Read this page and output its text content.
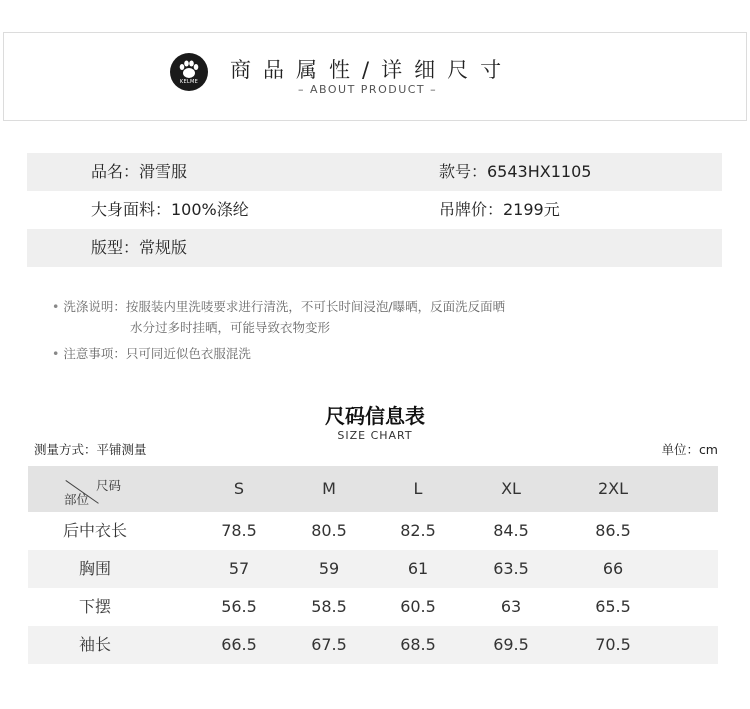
KELME	商品属性/详细尺寸
– ABOUT PRODUCT –
品名：滑雪服	款号：6543HX1105
大身面料：100%涤纶	吊牌价：2199元
版型：常规版
• 洗涤说明：按服装内里洗唛要求进行清洗，不可长时间浸泡/曝晒，反面洗反面晒
水分过多时挂晒，可能导致衣物变形
• 注意事项：只可同近似色衣服混洗
尺码信息表
SIZE CHART
测量方式：平铺测量	单位：cm
尺码
部位
S	M	L	XL	2XL
后中衣长	78.5	80.5	82.5	84.5	86.5
胸围	57	59	61	63.5	66
下摆	56.5	58.5	60.5	63	65.5
袖长	66.5	67.5	68.5	69.5	70.5
